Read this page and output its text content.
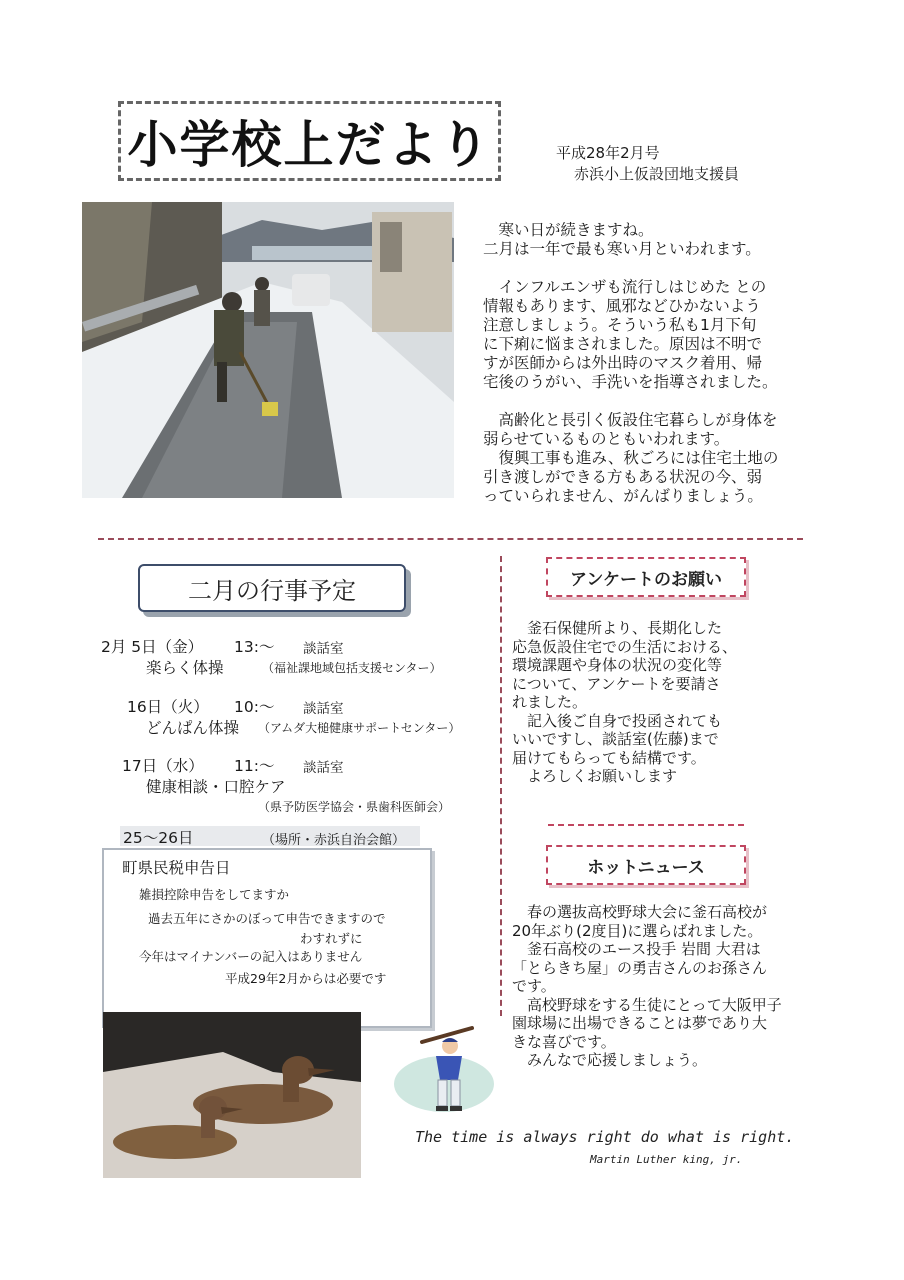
小学校上だより	平成28年2月号
赤浜小上仮設団地支援員
　寒い日が続きますね。
二月は一年で最も寒い月といわれます。

　インフルエンザも流行しはじめた との
情報もあります、風邪などひかないよう
注意しましょう。そういう私も1月下旬
に下痢に悩まされました。原因は不明で
すが医師からは外出時のマスク着用、帰
宅後のうがい、手洗いを指導されました。

　高齢化と長引く仮設住宅暮らしが身体を
弱らせているものともいわれます。
　復興工事も進み、秋ごろには住宅土地の
引き渡しができる方もある状況の今、弱
っていられません、がんばりましょう。
二月の行事予定
2月 5日（金） 13:～ 談話室
楽らく体操	（福祉課地域包括支援センター）
16日（火） 10:～ 談話室
どんぱん体操 （アムダ大槌健康サポートセンター）
17日（水） 11:～ 談話室
健康相談・口腔ケア
（県予防医学協会・県歯科医師会）
25～26日	（場所・赤浜自治会館）
町県民税申告日
雑損控除申告をしてますか
過去五年にさかのぼって申告できますので
わすれずに
今年はマイナンバーの記入はありません
平成29年2月からは必要です
アンケートのお願い
　釜石保健所より、長期化した
応急仮設住宅での生活における、
環境課題や身体の状況の変化等
について、アンケートを要請さ
れました。
　記入後ご自身で投函されても
いいですし、談話室(佐藤)まで
届けてもらっても結構です。
　よろしくお願いします
ホットニュース
　春の選抜高校野球大会に釜石高校が
20年ぶり(2度目)に選らばれました。
　釜石高校のエース投手 岩間 大君は
「とらきち屋」の勇吉さんのお孫さん
です。
　高校野球をする生徒にとって大阪甲子
園球場に出場できることは夢であり大
きな喜びです。
　みんなで応援しましょう。
The time is always right do what is right.
Martin Luther king, jr.
